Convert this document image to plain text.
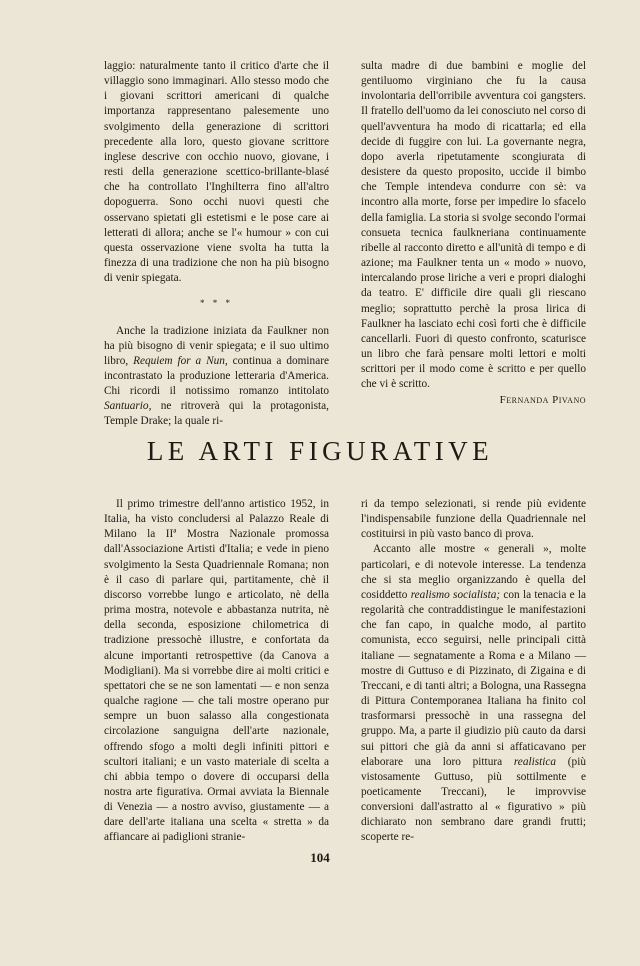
laggio: naturalmente tanto il critico d'arte che il villaggio sono immaginari. Allo stesso modo che i giovani scrittori americani di qualche importanza rappresentano palesemente uno svolgimento della generazione di scrittori precedente alla loro, questo giovane scrittore inglese descrive con occhio nuovo, giovane, i resti della generazione scettico-brillante-blasé che ha controllato l'Inghilterra fino all'altro dopoguerra. Sono occhi nuovi questi che osservano spietati gli estetismi e le pose care ai letterati di allora; anche se l'« humour » con cui questa osservazione viene svolta ha tutta la finezza di una tradizione che non ha più bisogno di venir spiegata.

* * *

Anche la tradizione iniziata da Faulkner non ha più bisogno di venir spiegata; e il suo ultimo libro, Requiem for a Nun, continua a dominare incontrastato la produzione letteraria d'America. Chi ricordi il notissimo romanzo intitolato Santuario, ne ritroverà qui la protagonista, Temple Drake; la quale ri-

sulta madre di due bambini e moglie del gentiluomo virginiano che fu la causa involontaria dell'orribile avventura coi gangsters. Il fratello dell'uomo da lei conosciuto nel corso di quell'avventura ha modo di ricattarla; ed ella decide di fuggire con lui. La governante negra, dopo averla ripetutamente scongiurata di desistere da questo proposito, uccide il bimbo che Temple intendeva condurre con sè: va incontro alla morte, forse per impedire lo sfacelo della famiglia. La storia si svolge secondo l'ormai consueta tecnica faulkneriana continuamente ribelle al racconto diretto e all'unità di tempo e di azione; ma Faulkner tenta un « modo » nuovo, intercalando prose liriche a veri e propri dialoghi da teatro. E' difficile dire quali gli riescano meglio; soprattutto perchè la prosa lirica di Faulkner ha lasciato echi così forti che è difficile cancellarli. Fuori di questo confronto, scaturisce un libro che farà pensare molti lettori e molti scrittori per il modo come è scritto e per quello che vi è scritto.

Fernanda Pivano
LE ARTI FIGURATIVE

Il primo trimestre dell'anno artistico 1952, in Italia, ha visto concludersi al Palazzo Reale di Milano la IIª Mostra Nazionale promossa dall'Associazione Artisti d'Italia; e vede in pieno svolgimento la Sesta Quadriennale Romana; non è il caso di parlare qui, partitamente, chè il discorso vorrebbe lungo e articolato, nè della prima mostra, notevole e abbastanza nutrita, nè della seconda, esposizione chilometrica di tradizione pressochè illustre, e confortata da alcune importanti retrospettive (da Canova a Modigliani). Ma si vorrebbe dire ai molti critici e spettatori che se ne son lamentati — e non senza qualche ragione — che tali mostre operano pur sempre un buon salasso alla congestionata circolazione sanguigna dell'arte nazionale, offrendo sfogo a molti degli infiniti pittori e scultori italiani; e un vasto materiale di scelta a chi abbia tempo o dovere di occuparsi della nostra arte figurativa. Ormai avviata la Biennale di Venezia — a nostro avviso, giustamente — a dare dell'arte italiana una scelta « stretta » da affiancare ai padiglioni stranie-

ri da tempo selezionati, si rende più evidente l'indispensabile funzione della Quadriennale nel costituirsi in più vasto banco di prova.

Accanto alle mostre « generali », molte particolari, e di notevole interesse. La tendenza che si sta meglio organizzando è quella del cosiddetto realismo socialista; con la tenacia e la regolarità che contraddistingue le manifestazioni che fan capo, in qualche modo, al partito comunista, ecco seguirsi, nelle principali città italiane — segnatamente a Roma e a Milano — mostre di Guttuso e di Pizzinato, di Zigaina e di Treccani, e di tanti altri; a Bologna, una Rassegna di Pittura Contemporanea Italiana ha finito col trasformarsi pressochè in una rassegna del gruppo. Ma, a parte il giudizio più cauto da darsi sui pittori che già da anni si affaticavano per elaborare una loro pittura realistica (più vistosamente Guttuso, più sottilmente e poeticamente Treccani), le improvvise conversioni dall'astratto al « figurativo » più dichiarato non sembrano dare grandi frutti; scoperte re-

104
